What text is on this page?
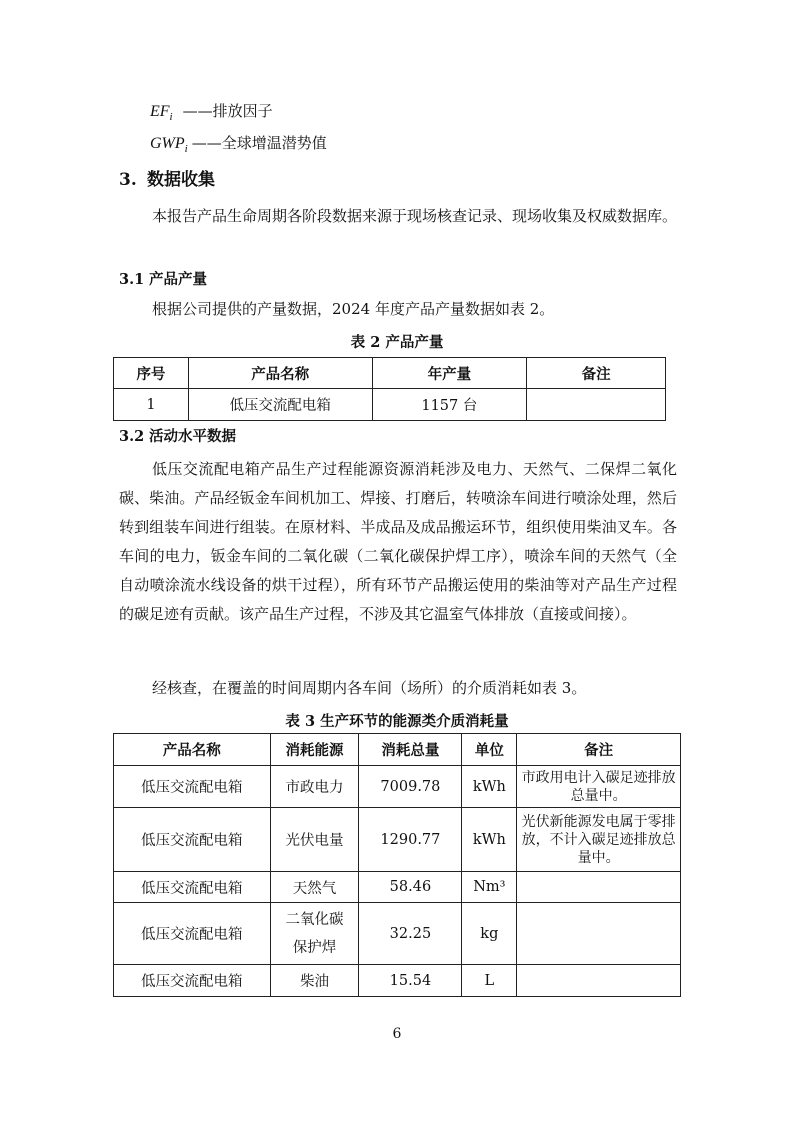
$EF_i$ ——排放因子
$GWP_i$ ——全球增温潜势值
3. 数据收集
本报告产品生命周期各阶段数据来源于现场核查记录、现场收集及权威数据库。
3.1 产品产量
根据公司提供的产量数据，2024 年度产品产量数据如表 2。
表 2 产品产量
序号	产品名称	年产量	备注
1	低压交流配电箱	1157 台	
3.2 活动水平数据
低压交流配电箱产品生产过程能源资源消耗涉及电力、天然气、二保焊二氧化碳、柴油。产品经钣金车间机加工、焊接、打磨后，转喷涂车间进行喷涂处理，然后转到组装车间进行组装。在原材料、半成品及成品搬运环节，组织使用柴油叉车。各车间的电力，钣金车间的二氧化碳（二氧化碳保护焊工序），喷涂车间的天然气（全自动喷涂流水线设备的烘干过程），所有环节产品搬运使用的柴油等对产品生产过程的碳足迹有贡献。该产品生产过程，不涉及其它温室气体排放（直接或间接）。
经核查，在覆盖的时间周期内各车间（场所）的介质消耗如表 3。
表 3 生产环节的能源类介质消耗量
产品名称	消耗能源	消耗总量	单位	备注
低压交流配电箱	市政电力	7009.78	kWh	市政用电计入碳足迹排放总量中。
低压交流配电箱	光伏电量	1290.77	kWh	光伏新能源发电属于零排放，不计入碳足迹排放总量中。
低压交流配电箱	天然气	58.46	Nm³	
低压交流配电箱	二氧化碳保护焊	32.25	kg	
低压交流配电箱	柴油	15.54	L	
6
